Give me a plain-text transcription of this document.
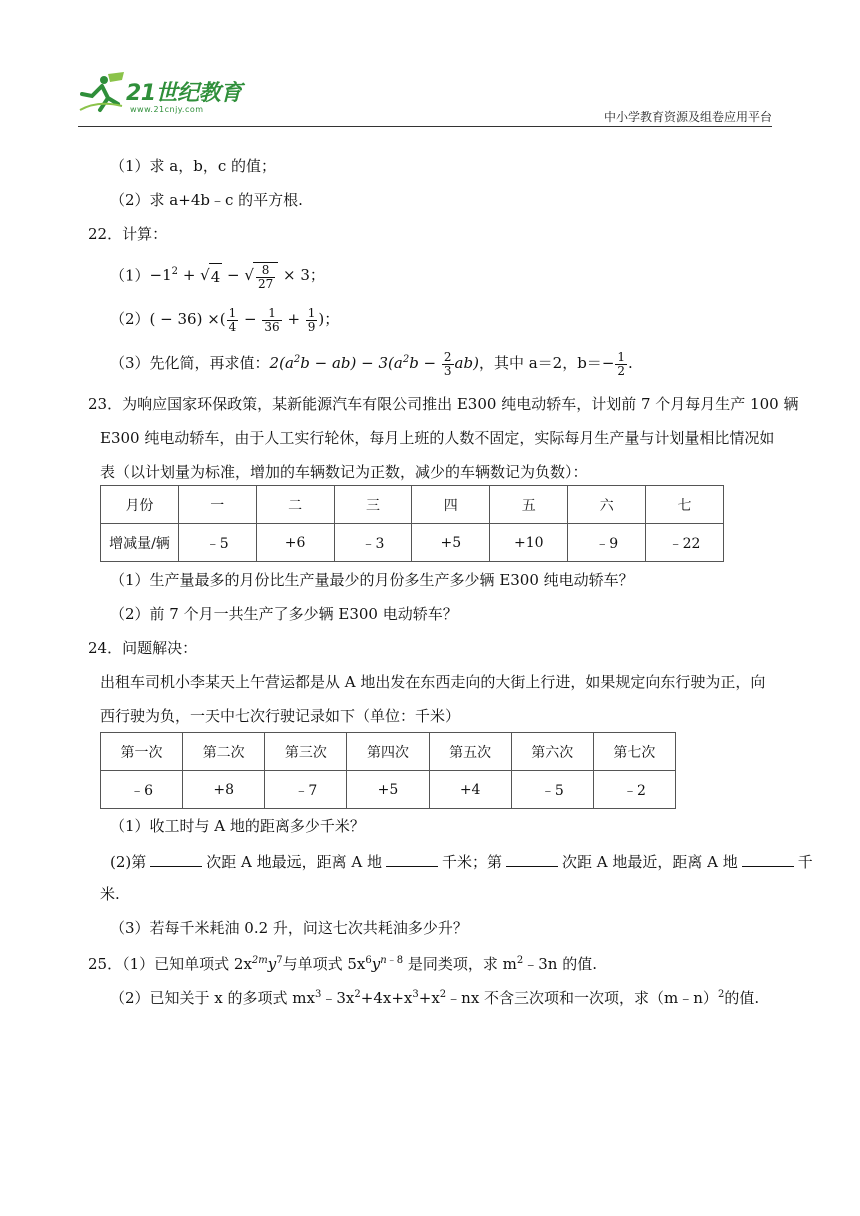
21世纪教育
www.21cnjy.com
中小学教育资源及组卷应用平台
（1）求 a，b，c 的值；
（2）求 a+4b﹣c 的平方根.
22．计算：
$(1)-1^2 + √4$ − √ $\frac{8}{27} \times 3$；
（2）( − 36) ×( $\frac{1}{4} - \frac{1}{36} + \frac{1}{9}$ )；
（3）先化简，再求值：$2(a^2b - ab) - 3(a^2b - \frac{2}{3} ab)$，其中 a＝2，$b=- \frac{1}{2}$ .
23．为响应国家环保政策，某新能源汽车有限公司推出 E300 纯电动轿车，计划前 7 个月每月生产 100 辆
E300 纯电动轿车，由于人工实行轮休，每月上班的人数不固定，实际每月生产量与计划量相比情况如
表（以计划量为标准，增加的车辆数记为正数，减少的车辆数记为负数）：
月份	一	二	三	四	五	六	七
增减量/辆	﹣5	+6	﹣3	+5	+10	﹣9	﹣22
（1）生产量最多的月份比生产量最少的月份多生产多少辆 E300 纯电动轿车？
（2）前 7 个月一共生产了多少辆 E300 电动轿车？
24．问题解决：
出租车司机小李某天上午营运都是从 A 地出发在东西走向的大街上行进，如果规定向东行驶为正，向
西行驶为负，一天中七次行驶记录如下（单位：千米）
第一次	第二次	第三次	第四次	第五次	第六次	第七次
﹣6	+8	﹣7	+5	+4	﹣5	﹣2
（1）收工时与 A 地的距离多少千米？
(2)第	次距 A 地最远，距离 A 地	千米；第	次距 A 地最近，距离 A 地	千
米.
（3）若每千米耗油 0.2 升，问这七次共耗油多少升？
25．（1）已知单项式 $2x^{2m}y^7$与单项式 $5x^6y^{n﹣8}$ 是同类项，求 $m^2﹣3n$ 的值.
（2）已知关于 x 的多项式 $mx^3﹣3x^2+4x+x^3+x^2﹣nx$ 不含三次项和一次项，求（m﹣n）$^2$的值.
